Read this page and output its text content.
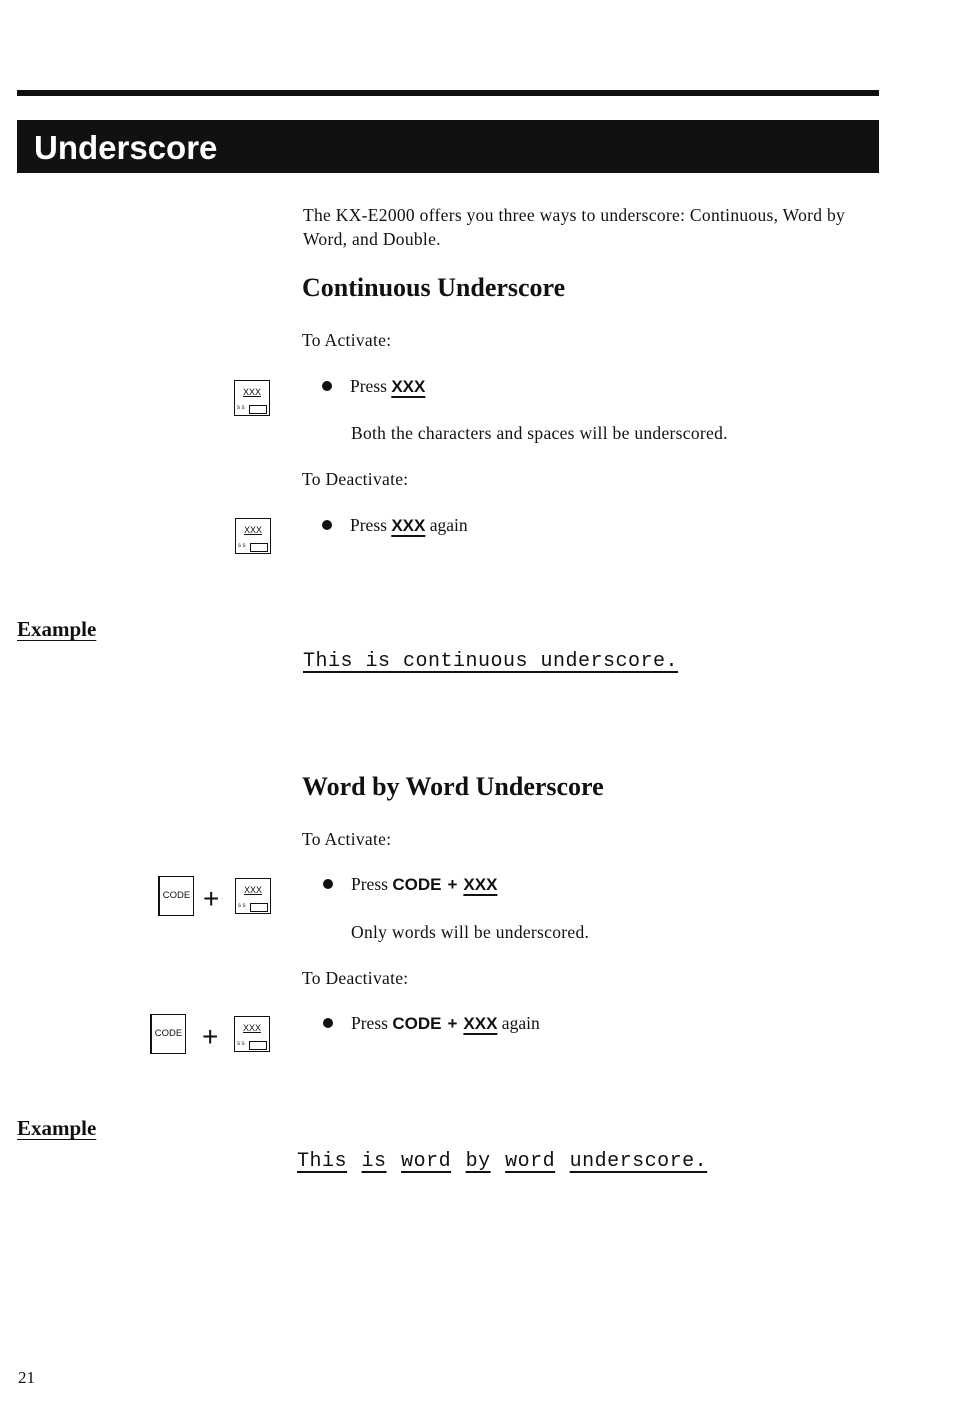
Underscore
The KX-E2000 offers you three ways to underscore: Continuous, Word by Word, and Double.
Continuous Underscore
To Activate:
XXX
s s
Press XXX
Both the characters and spaces will be underscored.
To Deactivate:
XXX
s s
Press XXX again
Example
This is continuous underscore.
Word by Word Underscore
To Activate:
CODE +	XXX
s s
Press CODE + XXX
Only words will be underscored.
To Deactivate:
CODE +	XXX
s s
Press CODE + XXX again
Example
This is word by word underscore.
21
